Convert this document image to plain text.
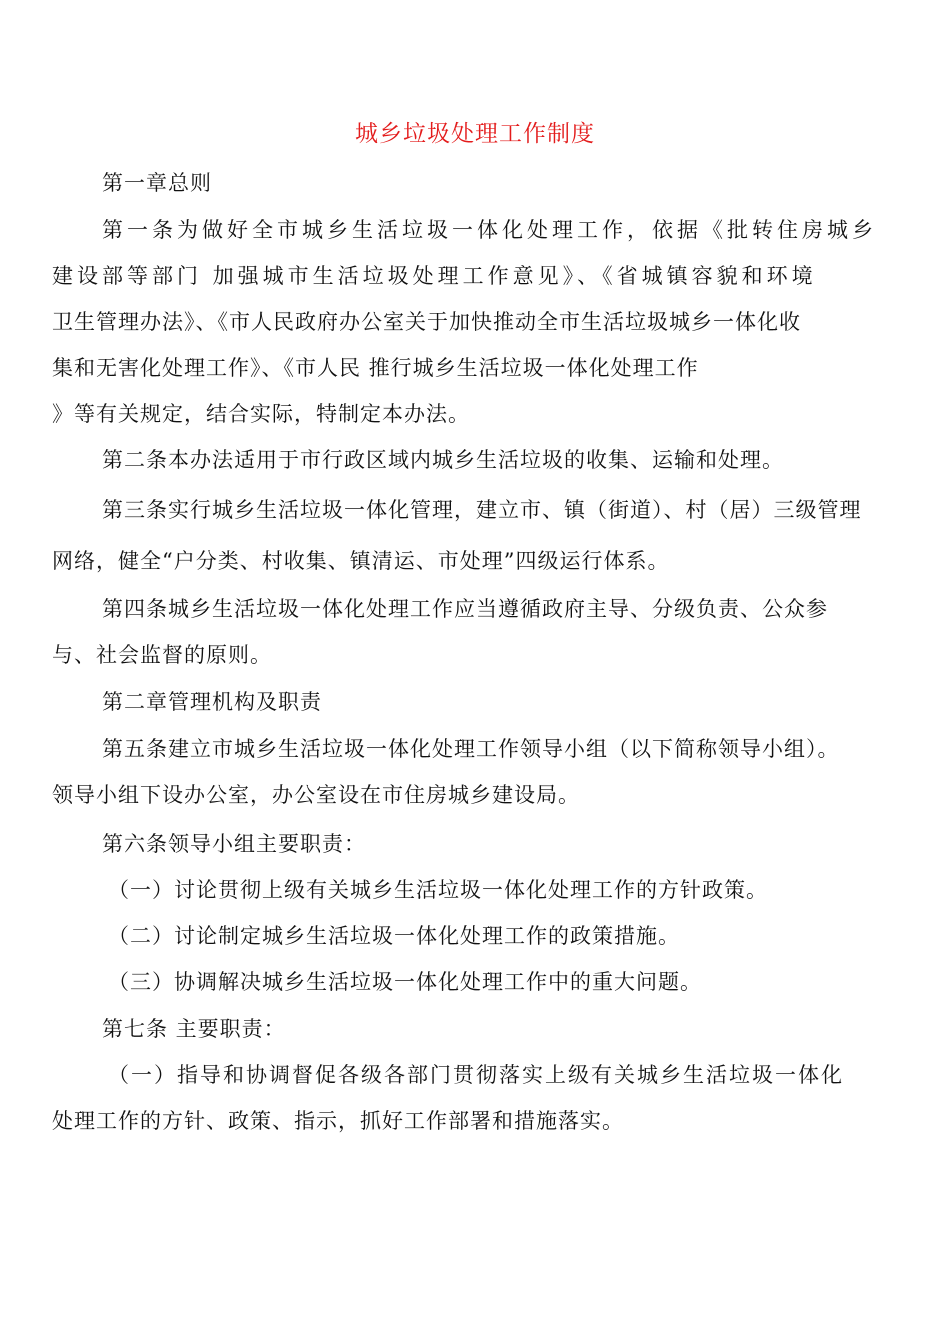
城乡垃圾处理工作制度
第一章总则
第一条为做好全市城乡生活垃圾一体化处理工作，依据《批转住房城乡
建设部等部门 加强城市生活垃圾处理工作意见》、《省城镇容貌和环境
卫生管理办法》、《市人民政府办公室关于加快推动全市生活垃圾城乡一体化收
集和无害化处理工作》、《市人民 推行城乡生活垃圾一体化处理工作
》等有关规定，结合实际，特制定本办法。
第二条本办法适用于市行政区域内城乡生活垃圾的收集、运输和处理。
第三条实行城乡生活垃圾一体化管理，建立市、镇（街道）、村（居）三级管理
网络，健全“户分类、村收集、镇清运、市处理”四级运行体系。
第四条城乡生活垃圾一体化处理工作应当遵循政府主导、分级负责、公众参
与、社会监督的原则。
第二章管理机构及职责
第五条建立市城乡生活垃圾一体化处理工作领导小组（以下简称领导小组）。
领导小组下设办公室，办公室设在市住房城乡建设局。
第六条领导小组主要职责：
（一）讨论贯彻上级有关城乡生活垃圾一体化处理工作的方针政策。
（二）讨论制定城乡生活垃圾一体化处理工作的政策措施。
（三）协调解决城乡生活垃圾一体化处理工作中的重大问题。
第七条 主要职责：
（一）指导和协调督促各级各部门贯彻落实上级有关城乡生活垃圾一体化
处理工作的方针、政策、指示，抓好工作部署和措施落实。
